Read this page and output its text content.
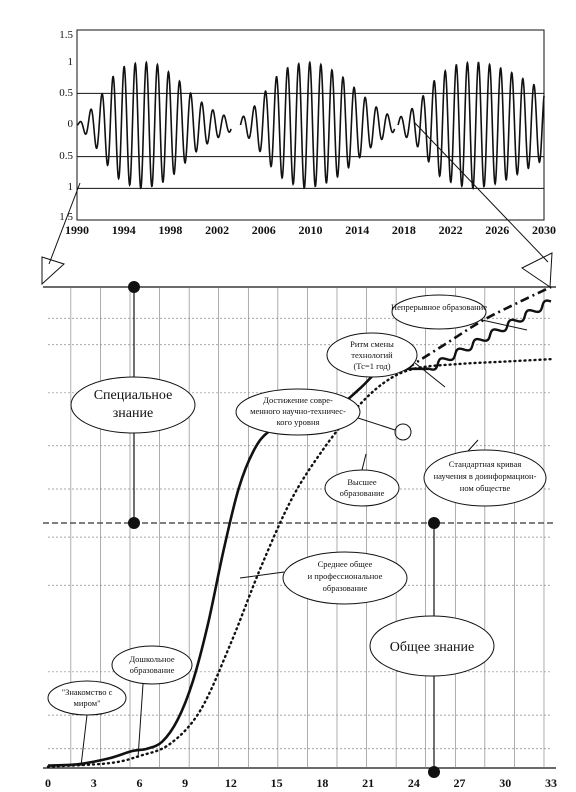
1.5
1
0.5
0
0.5
1
1.5
1990 1994 1998 2002 2006 2010 2014 2018 2022 2026 2030
0	3	6	9	12	15	18	21	24	27	30	33
Непрерывное образование
Ритм смены
технологий
(Тс=1 год)
Специальное
знание
Достижение совре-
менного научно-техничес-
кого уровня
Высшее
образование
Стандартная кривая
научения в доинформацион-
ном обществе
Среднее общее
и профессиональное
образование
Общее знание
Дошкольное
образование
"Знакомство с
миром"
